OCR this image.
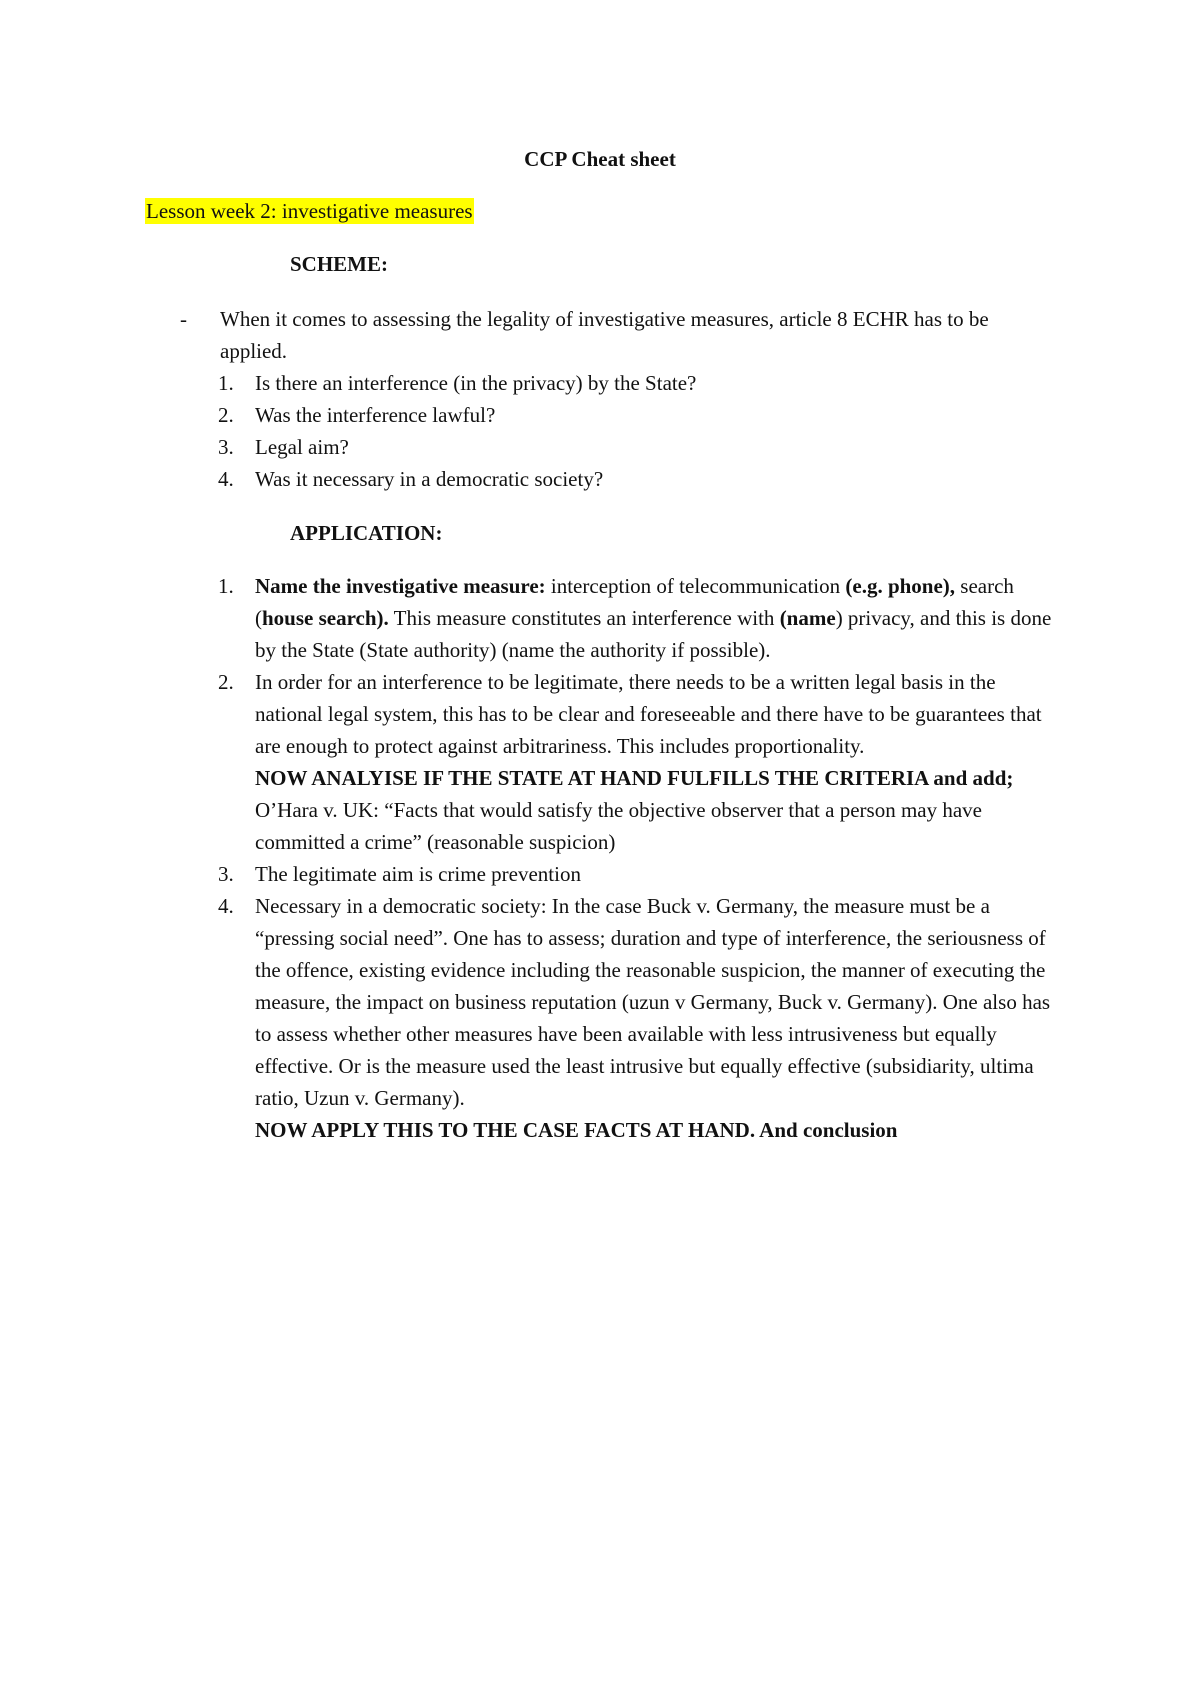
CCP Cheat sheet
Lesson week 2: investigative measures
SCHEME:
- When it comes to assessing the legality of investigative measures, article 8 ECHR has to be applied.
1. Is there an interference (in the privacy) by the State?
2. Was the interference lawful?
3. Legal aim?
4. Was it necessary in a democratic society?
APPLICATION:
1. Name the investigative measure: interception of telecommunication (e.g. phone), search (house search). This measure constitutes an interference with (name) privacy, and this is done by the State (State authority) (name the authority if possible).
2. In order for an interference to be legitimate, there needs to be a written legal basis in the national legal system, this has to be clear and foreseeable and there have to be guarantees that are enough to protect against arbitrariness. This includes proportionality.
NOW ANALYISE IF THE STATE AT HAND FULFILLS THE CRITERIA and add;
O’Hara v. UK: “Facts that would satisfy the objective observer that a person may have committed a crime” (reasonable suspicion)
3. The legitimate aim is crime prevention
4. Necessary in a democratic society: In the case Buck v. Germany, the measure must be a “pressing social need”. One has to assess; duration and type of interference, the seriousness of the offence, existing evidence including the reasonable suspicion, the manner of executing the measure, the impact on business reputation (uzun v Germany, Buck v. Germany). One also has to assess whether other measures have been available with less intrusiveness but equally effective. Or is the measure used the least intrusive but equally effective (subsidiarity, ultima ratio, Uzun v. Germany).
NOW APPLY THIS TO THE CASE FACTS AT HAND. And conclusion
